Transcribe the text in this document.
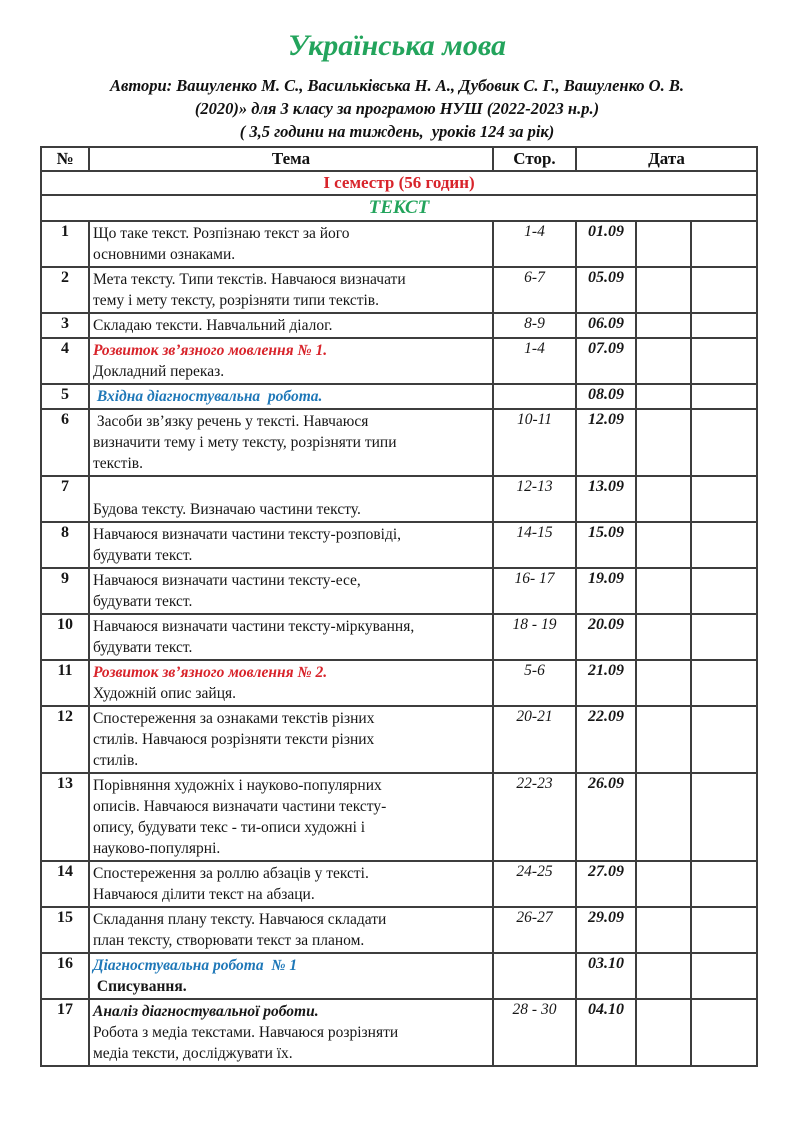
Українська мова

Автори: Вашуленко М. С., Васильківська Н. А., Дубовик С. Г., Вашуленко О. В.

(2020)» для 3 класу за програмою НУШ (2022-2023 н.р.)

( 3,5 години на тиждень,  уроків 124 за рік)

№	Тема	Стор.	Дата		
І семестр (56 годин)					
ТЕКСТ					
1	Що таке текст. Розпізнаю текст за його
основними ознаками.	1-4	01.09		
2	Мета тексту. Типи текстів. Навчаюся визначати
тему і мету тексту, розрізняти типи текстів.	6-7	05.09		
3	Складаю тексти. Навчальний діалог.	8-9	06.09		
4	Розвиток зв’язного мовлення № 1.
Докладний переказ.	1-4	07.09		
5	Вхідна діагностувальна  робота.		08.09		
6	Засоби зв’язку речень у тексті. Навчаюся
визначити тему і мету тексту, розрізняти типи
текстів.	10-11	12.09		
7	Будова тексту. Визначаю частини тексту.	12-13	13.09		
8	Навчаюся визначати частини тексту-розповіді,
будувати текст.	14-15	15.09		
9	Навчаюся визначати частини тексту-есе,
будувати текст.	16- 17	19.09		
10	Навчаюся визначати частини тексту-міркування,
будувати текст.	18 - 19	20.09		
11	Розвиток зв’язного мовлення № 2.
Художній опис зайця.	5-6	21.09		
12	Спостереження за ознаками текстів різних
стилів. Навчаюся розрізняти тексти різних
стилів.	20-21	22.09		
13	Порівняння художніх і науково-популярних
описів. Навчаюся визначати частини тексту-
опису, будувати текс - ти-описи художні і
науково-популярні.	22-23	26.09		
14	Спостереження за роллю абзаців у тексті.
Навчаюся ділити текст на абзаци.	24-25	27.09		
15	Складання плану тексту. Навчаюся складати
план тексту, створювати текст за планом.	26-27	29.09		
16	Діагностувальна робота  № 1
Списування.		03.10		
17	Аналіз діагностувальної роботи.
Робота з медіа текстами. Навчаюся розрізняти
медіа тексти, досліджувати їх.	28 - 30	04.10		
